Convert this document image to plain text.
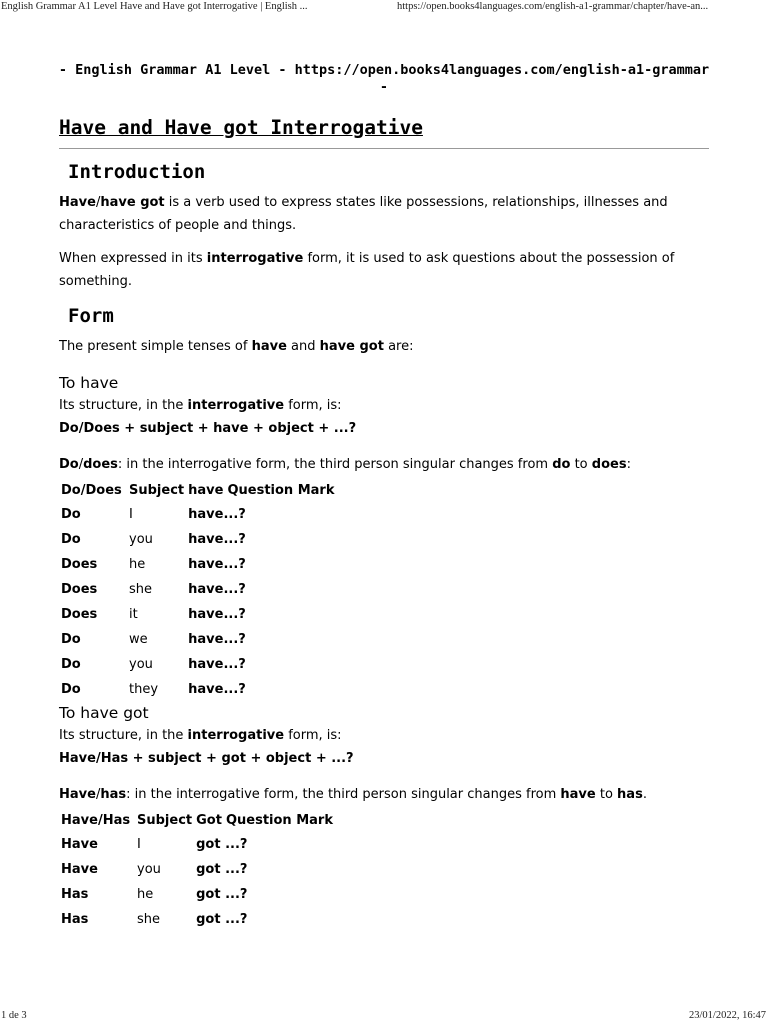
English Grammar A1 Level Have and Have got Interrogative | English ...	https://open.books4languages.com/english-a1-grammar/chapter/have-an...
- English Grammar A1 Level - https://open.books4languages.com/english-a1-grammar
-
Have and Have got Interrogative
Introduction

Have/have got is a verb used to express states like possessions, relationships, illnesses and characteristics of people and things.

When expressed in its interrogative form, it is used to ask questions about the possession of something.

Form

The present simple tenses of have and have got are:

To have

Its structure, in the interrogative form, is:

Do/Does + subject + have + object + ...?

Do/does: in the interrogative form, the third person singular changes from do to does:

Do/Does	Subject	have	Question Mark
Do	I	have...?	
Do	you	have...?	
Does	he	have...?	
Does	she	have...?	
Does	it	have...?	
Do	we	have...?	
Do	you	have...?	
Do	they	have...?	
To have got

Its structure, in the interrogative form, is:

Have/Has + subject + got + object + ...?

Have/has: in the interrogative form, the third person singular changes from have to has.

Have/Has	Subject	Got	Question Mark
Have	I	got ...?	
Have	you	got ...?	
Has	he	got ...?	
Has	she	got ...?	
1 de 3	23/01/2022, 16:47
